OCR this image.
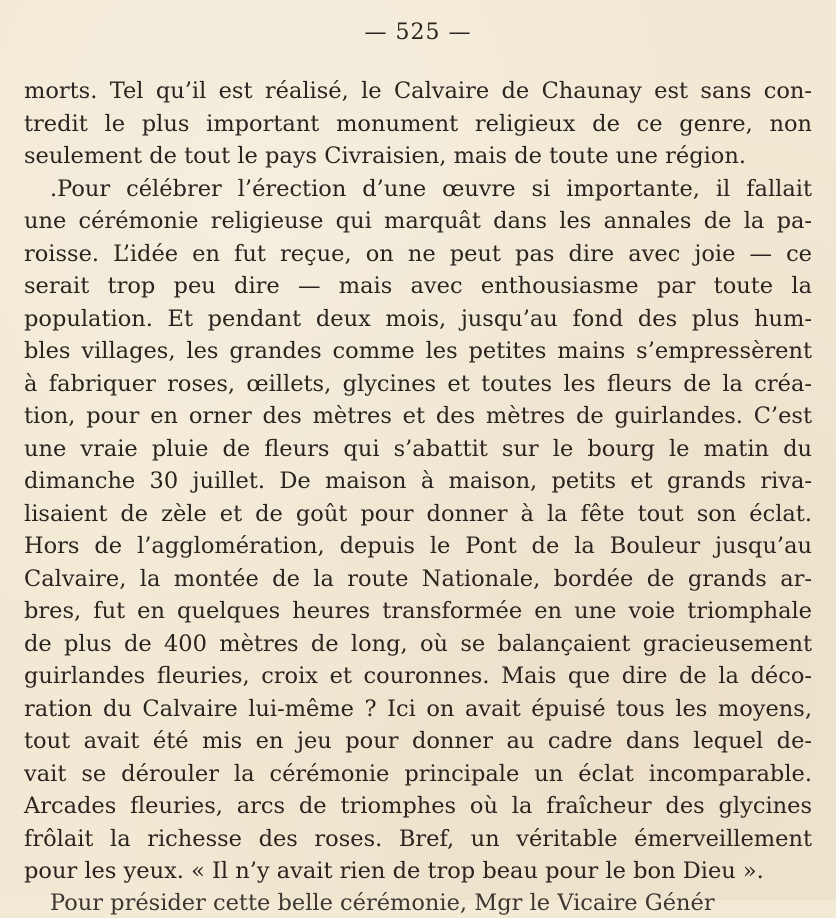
— 525 —
morts. Tel qu’il est réalisé, le Calvaire de Chaunay est sans con-
tredit le plus important monument religieux de ce genre, non
seulement de tout le pays Civraisien, mais de toute une région.
.Pour célébrer l’érection d’une œuvre si importante, il fallait
une cérémonie religieuse qui marquât dans les annales de la pa-
roisse. L’idée en fut reçue, on ne peut pas dire avec joie — ce
serait trop peu dire — mais avec enthousiasme par toute la
population. Et pendant deux mois, jusqu’au fond des plus hum-
bles villages, les grandes comme les petites mains s’empressèrent
à fabriquer roses, œillets, glycines et toutes les fleurs de la créa-
tion, pour en orner des mètres et des mètres de guirlandes. C’est
une vraie pluie de fleurs qui s’abattit sur le bourg le matin du
dimanche 30 juillet. De maison à maison, petits et grands riva-
lisaient de zèle et de goût pour donner à la fête tout son éclat.
Hors de l’agglomération, depuis le Pont de la Bouleur jusqu’au
Calvaire, la montée de la route Nationale, bordée de grands ar-
bres, fut en quelques heures transformée en une voie triomphale
de plus de 400 mètres de long, où se balançaient gracieusement
guirlandes fleuries, croix et couronnes. Mais que dire de la déco-
ration du Calvaire lui-même ? Ici on avait épuisé tous les moyens,
tout avait été mis en jeu pour donner au cadre dans lequel de-
vait se dérouler la cérémonie principale un éclat incomparable.
Arcades fleuries, arcs de triomphes où la fraîcheur des glycines
frôlait la richesse des roses. Bref, un véritable émerveillement
pour les yeux. « Il n’y avait rien de trop beau pour le bon Dieu ».
Pour présider cette belle cérémonie, Mgr le Vicaire Génér
